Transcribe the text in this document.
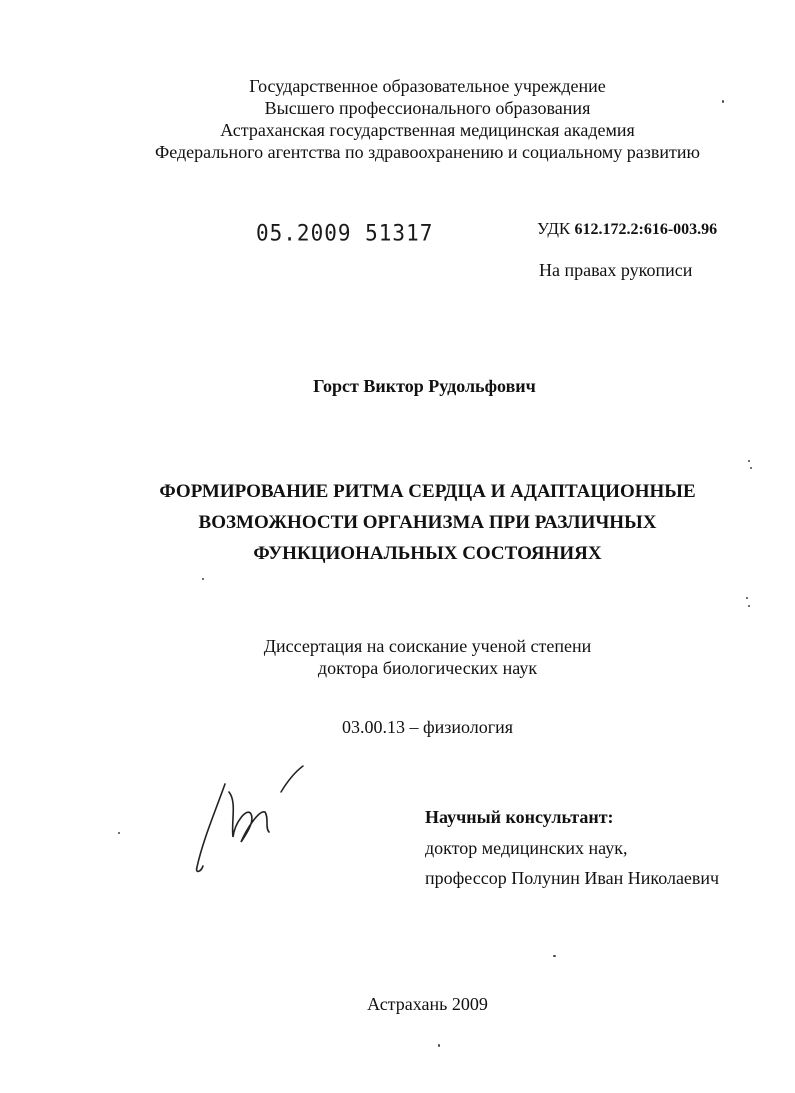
Государственное образовательное учреждение
Высшего профессионального образования
Астраханская государственная медицинская академия
Федерального агентства по здравоохранению и социальному развитию
05.2009 51317	УДК 612.172.2:616-003.96
На правах рукописи
Горст Виктор Рудольфович
ФОРМИРОВАНИЕ РИТМА СЕРДЦА И АДАПТАЦИОННЫЕ
ВОЗМОЖНОСТИ ОРГАНИЗМА ПРИ РАЗЛИЧНЫХ
ФУНКЦИОНАЛЬНЫХ СОСТОЯНИЯХ
Диссертация на соискание ученой степени
доктора биологических наук
03.00.13 – физиология
Научный консультант:
доктор медицинских наук,
профессор Полунин Иван Николаевич
Астрахань 2009
